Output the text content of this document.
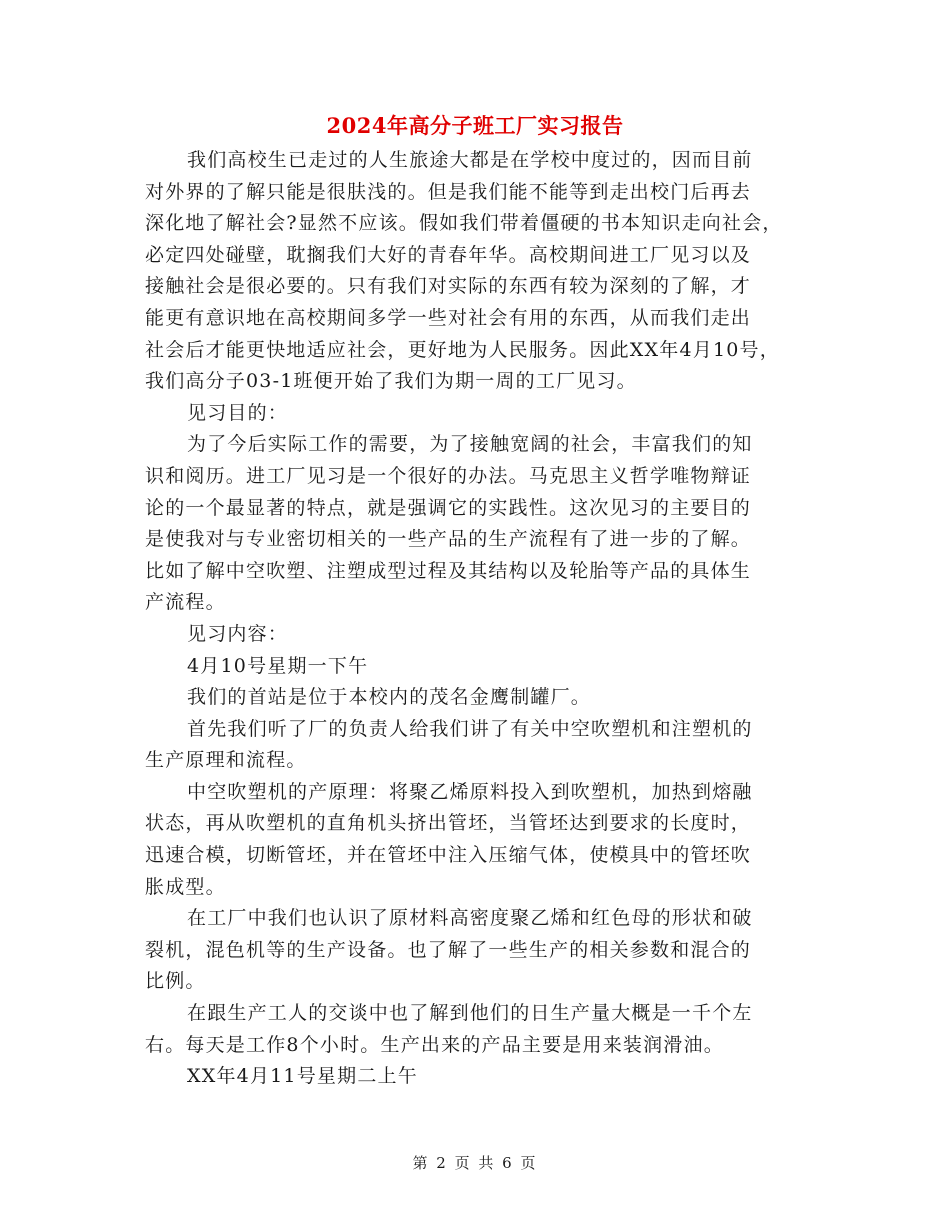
2024年高分子班工厂实习报告
我们高校生已走过的人生旅途大都是在学校中度过的，因而目前
对外界的了解只能是很肤浅的。但是我们能不能等到走出校门后再去
深化地了解社会?显然不应该。假如我们带着僵硬的书本知识走向社会，
必定四处碰壁，耽搁我们大好的青春年华。高校期间进工厂见习以及
接触社会是很必要的。只有我们对实际的东西有较为深刻的了解，才
能更有意识地在高校期间多学一些对社会有用的东西，从而我们走出
社会后才能更快地适应社会，更好地为人民服务。因此XX年4月10号，
我们高分子03-1班便开始了我们为期一周的工厂见习。
见习目的：
为了今后实际工作的需要，为了接触宽阔的社会，丰富我们的知
识和阅历。进工厂见习是一个很好的办法。马克思主义哲学唯物辩证
论的一个最显著的特点，就是强调它的实践性。这次见习的主要目的
是使我对与专业密切相关的一些产品的生产流程有了进一步的了解。
比如了解中空吹塑、注塑成型过程及其结构以及轮胎等产品的具体生
产流程。
见习内容：
4月10号星期一下午
我们的首站是位于本校内的茂名金鹰制罐厂。
首先我们听了厂的负责人给我们讲了有关中空吹塑机和注塑机的
生产原理和流程。
中空吹塑机的产原理：将聚乙烯原料投入到吹塑机，加热到熔融
状态，再从吹塑机的直角机头挤出管坯，当管坯达到要求的长度时，
迅速合模，切断管坯，并在管坯中注入压缩气体，使模具中的管坯吹
胀成型。
在工厂中我们也认识了原材料高密度聚乙烯和红色母的形状和破
裂机，混色机等的生产设备。也了解了一些生产的相关参数和混合的
比例。
在跟生产工人的交谈中也了解到他们的日生产量大概是一千个左
右。每天是工作8个小时。生产出来的产品主要是用来装润滑油。
XX年4月11号星期二上午
第 2 页 共 6 页
